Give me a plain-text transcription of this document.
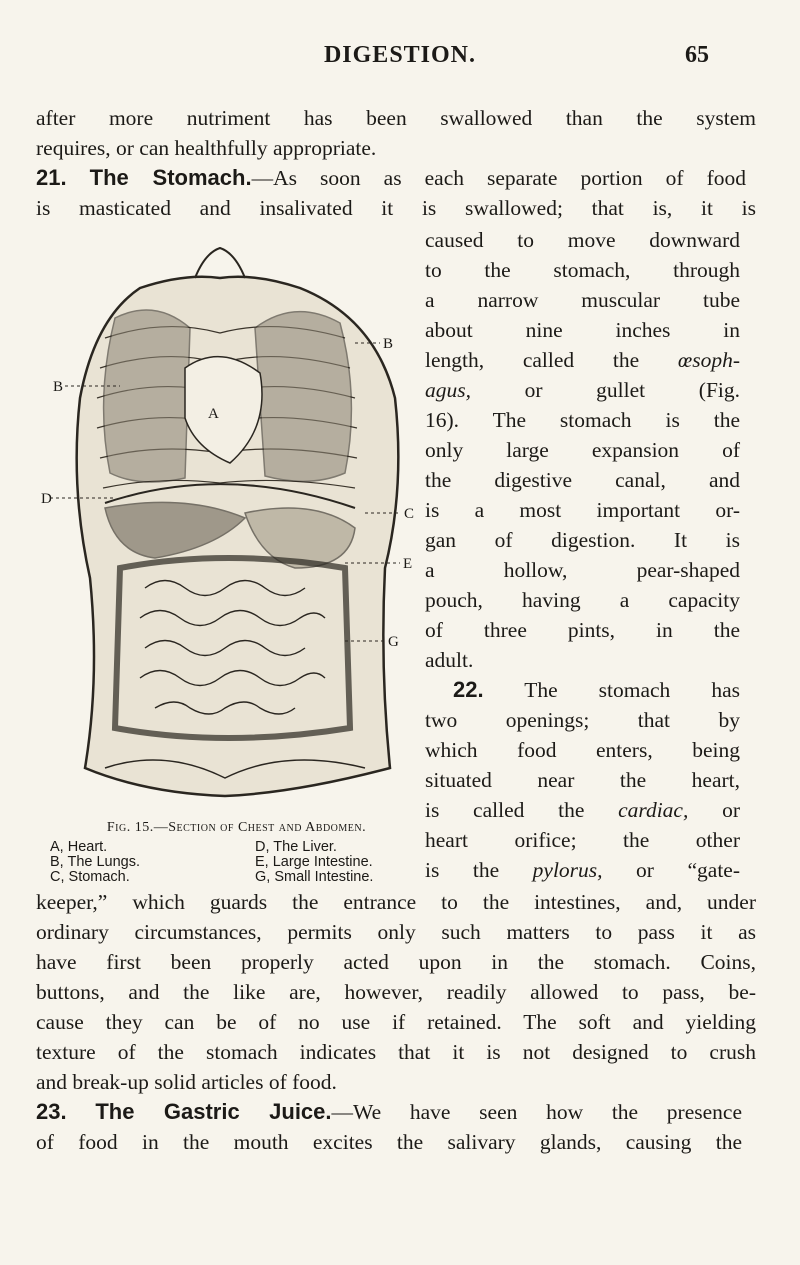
DIGESTION.	65
after more nutriment has been swallowed than the system
requires, or can healthfully appropriate.
21. The Stomach.—As soon as each separate portion of food
is masticated and insalivated it is swallowed; that is, it is
caused to move downward
to the stomach, through
a narrow muscular tube
about nine inches in
length, called the œsoph-
agus, or gullet (Fig.
16). The stomach is the
only large expansion of
the digestive canal, and
is a most important or-
gan of digestion. It is
a hollow, pear-shaped
pouch, having a capacity
of three pints, in the
adult.
22. The stomach has
two openings; that by
which food enters, being
situated near the heart,
is called the cardiac, or
heart orifice; the other
is the pylorus, or “gate-
keeper,” which guards the entrance to the intestines, and, under
ordinary circumstances, permits only such matters to pass it as
have first been properly acted upon in the stomach. Coins,
buttons, and the like are, however, readily allowed to pass, be-
cause they can be of no use if retained. The soft and yielding
texture of the stomach indicates that it is not designed to crush
and break-up solid articles of food.
23. The Gastric Juice.—We have seen how the presence
of food in the mouth excites the salivary glands, causing the
A
B
B
C
D
E
G
Fig. 15.—Section of Chest and Abdomen.
A, Heart.
B, The Lungs.
C, Stomach.
D, The Liver.
E, Large Intestine.
G, Small Intestine.
